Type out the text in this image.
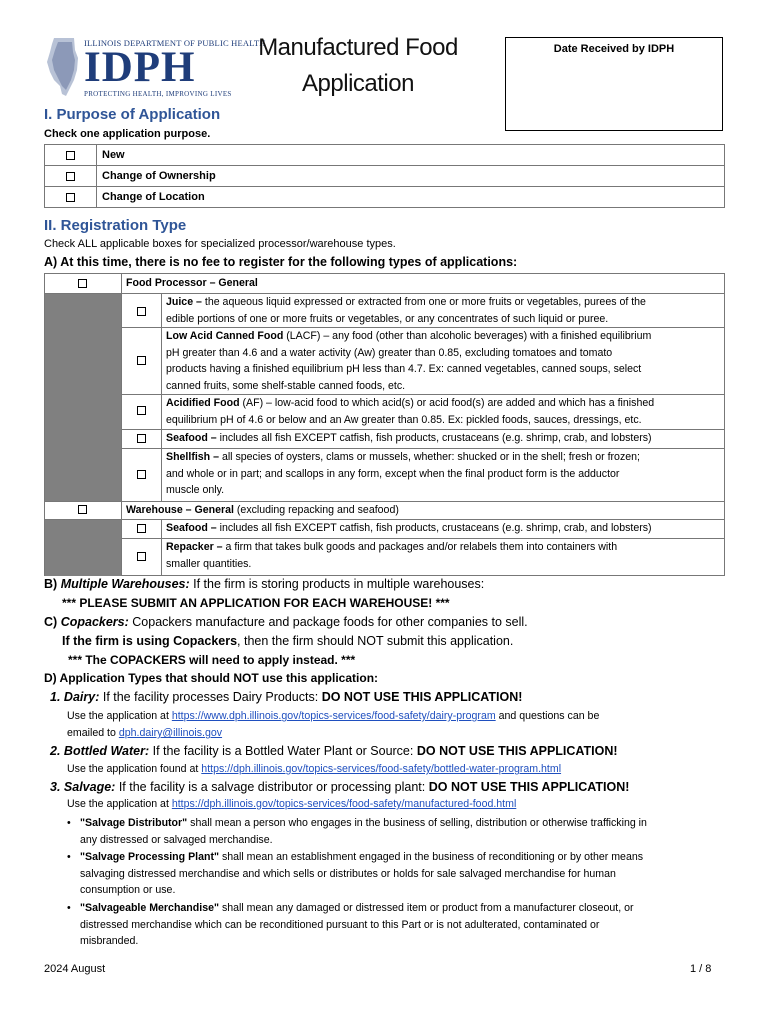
ILLINOIS DEPARTMENT OF PUBLIC HEALTH
IDPH
PROTECTING HEALTH, IMPROVING LIVES
Manufactured Food
Application
Date Received by IDPH
I. Purpose of Application
Check one application purpose.
	New
	Change of Ownership
	Change of Location
II. Registration Type
Check ALL applicable boxes for specialized processor/warehouse types.
A) At this time, there is no fee to register for the following types of applications:
Food Processor – General
Juice – the aqueous liquid expressed or extracted from one or more fruits or vegetables, purees of the
edible portions of one or more fruits or vegetables, or any concentrates of such liquid or puree.
Low Acid Canned Food (LACF) – any food (other than alcoholic beverages) with a finished equilibrium
pH greater than 4.6 and a water activity (Aw) greater than 0.85, excluding tomatoes and tomato
products having a finished equilibrium pH less than 4.7. Ex: canned vegetables, canned soups, select
canned fruits, some shelf-stable canned foods, etc.
Acidified Food (AF) – low-acid food to which acid(s) or acid food(s) are added and which has a finished
equilibrium pH of 4.6 or below and an Aw greater than 0.85. Ex: pickled foods, sauces, dressings, etc.
Seafood – includes all fish EXCEPT catfish, fish products, crustaceans (e.g. shrimp, crab, and lobsters)
Shellfish – all species of oysters, clams or mussels, whether: shucked or in the shell; fresh or frozen;
and whole or in part; and scallops in any form, except when the final product form is the adductor
muscle only.
Warehouse – General (excluding repacking and seafood)
Seafood – includes all fish EXCEPT catfish, fish products, crustaceans (e.g. shrimp, crab, and lobsters)
Repacker – a firm that takes bulk goods and packages and/or relabels them into containers with
smaller quantities.
B) Multiple Warehouses: If the firm is storing products in multiple warehouses:
*** PLEASE SUBMIT AN APPLICATION FOR EACH WAREHOUSE! ***
C) Copackers: Copackers manufacture and package foods for other companies to sell.
If the firm is using Copackers, then the firm should NOT submit this application.
*** The COPACKERS will need to apply instead. ***
D) Application Types that should NOT use this application:
1. Dairy: If the facility processes Dairy Products: DO NOT USE THIS APPLICATION!
Use the application at https://www.dph.illinois.gov/topics-services/food-safety/dairy-program and questions can be
emailed to dph.dairy@illinois.gov
2. Bottled Water: If the facility is a Bottled Water Plant or Source: DO NOT USE THIS APPLICATION!
Use the application found at https://dph.illinois.gov/topics-services/food-safety/bottled-water-program.html
3. Salvage: If the facility is a salvage distributor or processing plant: DO NOT USE THIS APPLICATION!
Use the application at https://dph.illinois.gov/topics-services/food-safety/manufactured-food.html
• "Salvage Distributor" shall mean a person who engages in the business of selling, distribution or otherwise trafficking in
any distressed or salvaged merchandise.
• "Salvage Processing Plant" shall mean an establishment engaged in the business of reconditioning or by other means
salvaging distressed merchandise and which sells or distributes or holds for sale salvaged merchandise for human
consumption or use.
• "Salvageable Merchandise" shall mean any damaged or distressed item or product from a manufacturer closeout, or
distressed merchandise which can be reconditioned pursuant to this Part or is not adulterated, contaminated or
misbranded.
2024 August	1 / 8
